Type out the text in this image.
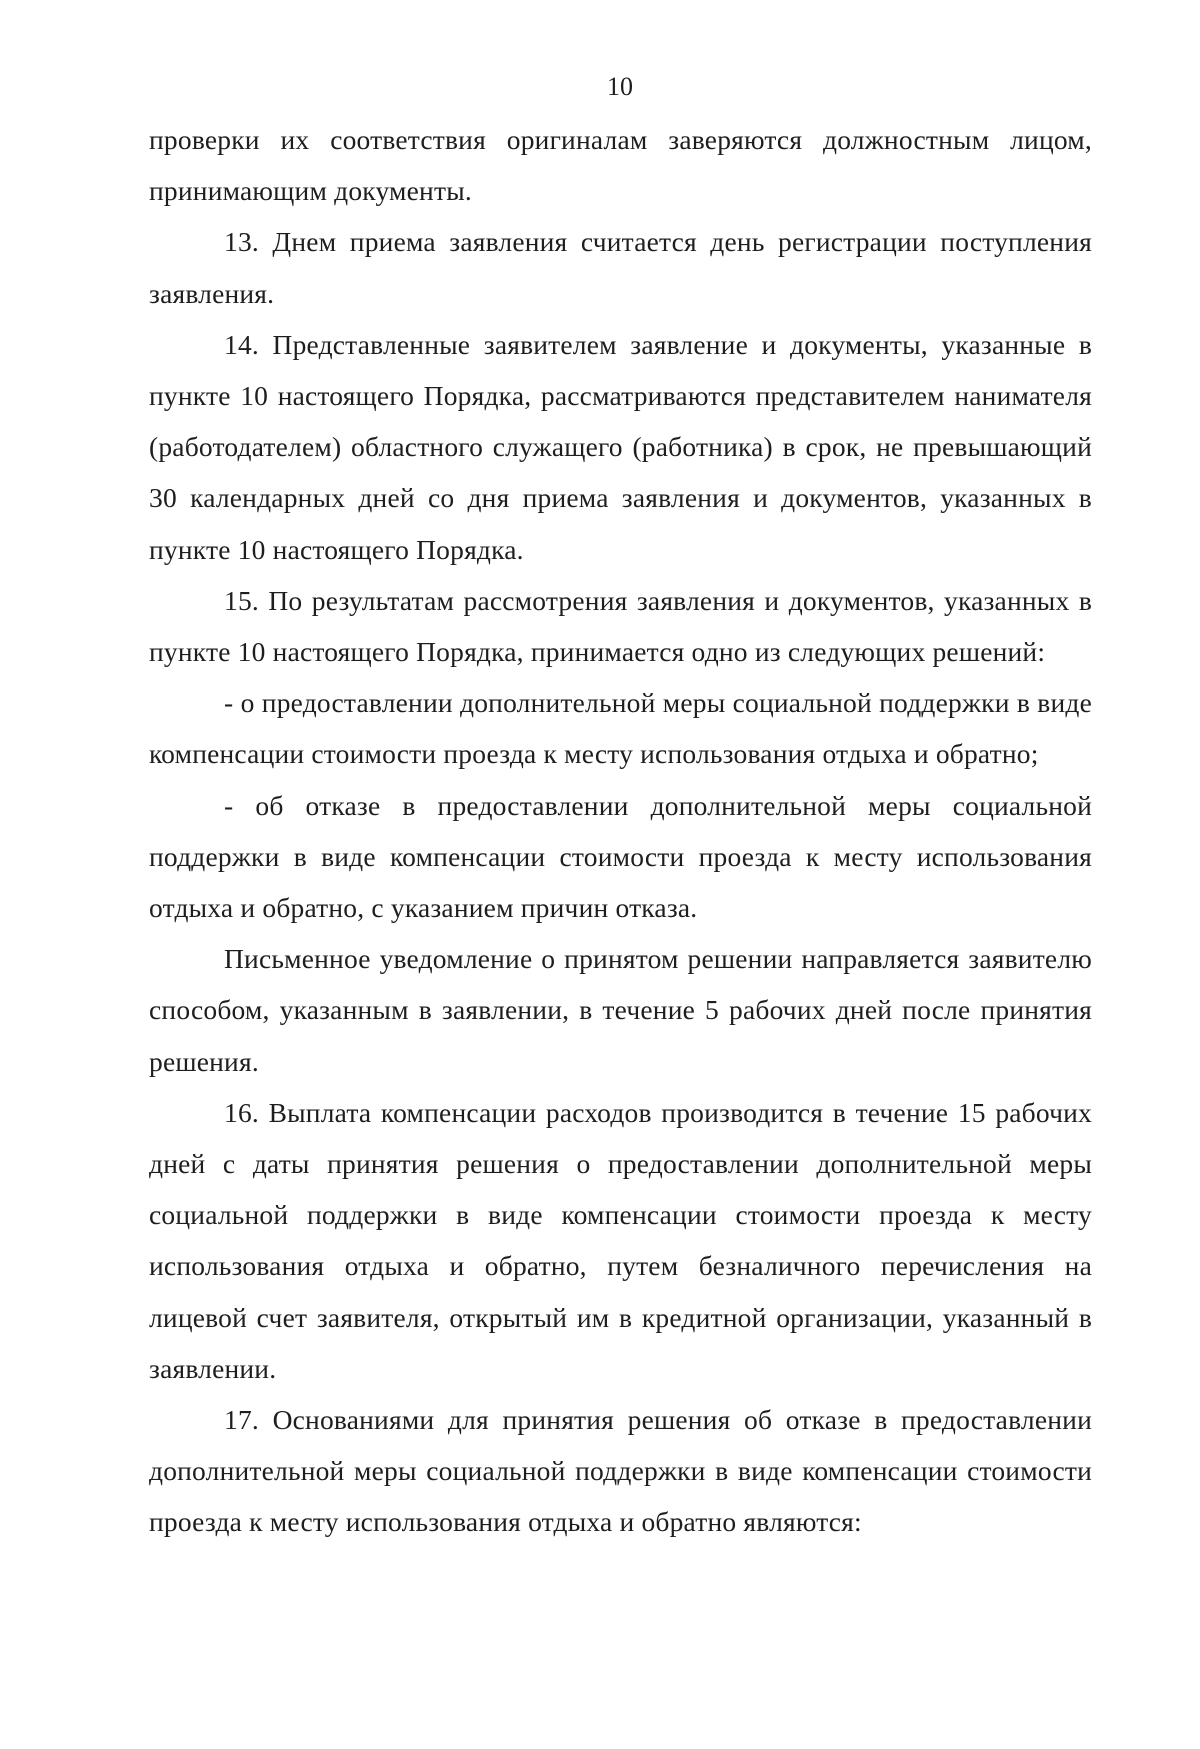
10

проверки их соответствия оригиналам заверяются должностным лицом, принимающим документы.

13. Днем приема заявления считается день регистрации поступления заявления.

14. Представленные заявителем заявление и документы, указанные в пункте 10 настоящего Порядка, рассматриваются представителем нанимателя (работодателем) областного служащего (работника) в срок, не превышающий 30 календарных дней со дня приема заявления и документов, указанных в пункте 10 настоящего Порядка.

15. По результатам рассмотрения заявления и документов, указанных в пункте 10 настоящего Порядка, принимается одно из следующих решений:

- о предоставлении дополнительной меры социальной поддержки в виде компенсации стоимости проезда к месту использования отдыха и обратно;

- об отказе в предоставлении дополнительной меры социальной поддержки в виде компенсации стоимости проезда к месту использования отдыха и обратно, с указанием причин отказа.

Письменное уведомление о принятом решении направляется заявителю способом, указанным в заявлении, в течение 5 рабочих дней после принятия решения.

16. Выплата компенсации расходов производится в течение 15 рабочих дней с даты принятия решения о предоставлении дополнительной меры социальной поддержки в виде компенсации стоимости проезда к месту использования отдыха и обратно, путем безналичного перечисления на лицевой счет заявителя, открытый им в кредитной организации, указанный в заявлении.

17. Основаниями для принятия решения об отказе в предоставлении дополнительной меры социальной поддержки в виде компенсации стоимости проезда к месту использования отдыха и обратно являются:
